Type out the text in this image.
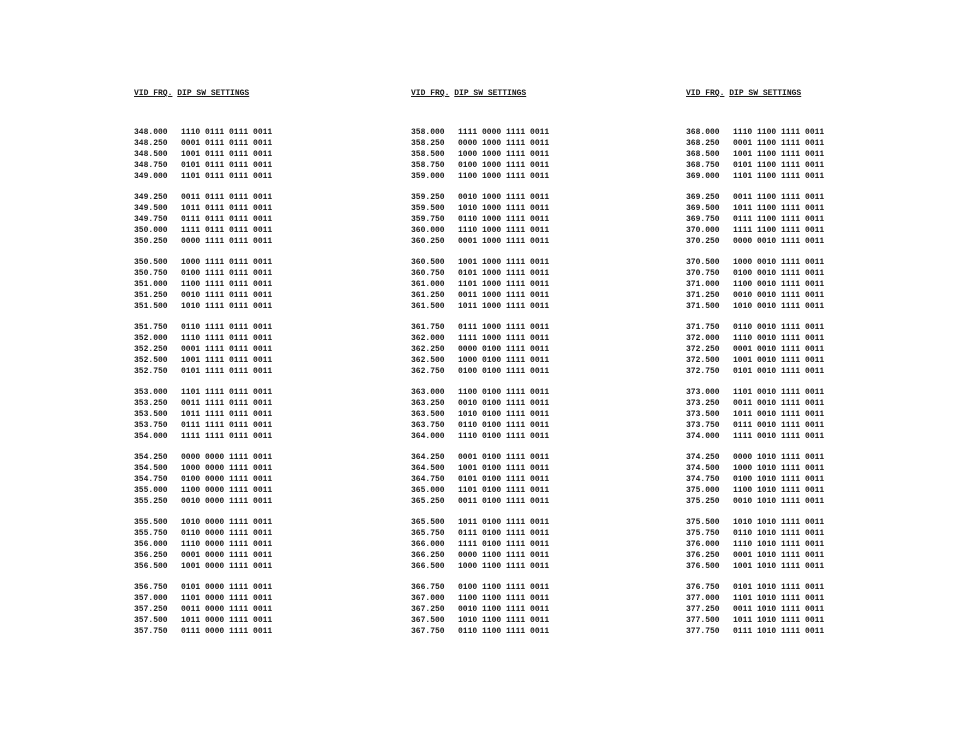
VID FRQ. DIP SW SETTINGS
348.000 1110 0111 0111 0011
348.250 0001 0111 0111 0011
348.500 1001 0111 0111 0011
348.750 0101 0111 0111 0011
349.000 1101 0111 0111 0011
349.250 0011 0111 0111 0011
349.500 1011 0111 0111 0011
349.750 0111 0111 0111 0011
350.000 1111 0111 0111 0011
350.250 0000 1111 0111 0011
350.500 1000 1111 0111 0011
350.750 0100 1111 0111 0011
351.000 1100 1111 0111 0011
351.250 0010 1111 0111 0011
351.500 1010 1111 0111 0011
351.750 0110 1111 0111 0011
352.000 1110 1111 0111 0011
352.250 0001 1111 0111 0011
352.500 1001 1111 0111 0011
352.750 0101 1111 0111 0011
353.000 1101 1111 0111 0011
353.250 0011 1111 0111 0011
353.500 1011 1111 0111 0011
353.750 0111 1111 0111 0011
354.000 1111 1111 0111 0011
354.250 0000 0000 1111 0011
354.500 1000 0000 1111 0011
354.750 0100 0000 1111 0011
355.000 1100 0000 1111 0011
355.250 0010 0000 1111 0011
355.500 1010 0000 1111 0011
355.750 0110 0000 1111 0011
356.000 1110 0000 1111 0011
356.250 0001 0000 1111 0011
356.500 1001 0000 1111 0011
356.750 0101 0000 1111 0011
357.000 1101 0000 1111 0011
357.250 0011 0000 1111 0011
357.500 1011 0000 1111 0011
357.750 0111 0000 1111 0011
VID FRQ. DIP SW SETTINGS
358.000 1111 0000 1111 0011
358.250 0000 1000 1111 0011
358.500 1000 1000 1111 0011
358.750 0100 1000 1111 0011
359.000 1100 1000 1111 0011
359.250 0010 1000 1111 0011
359.500 1010 1000 1111 0011
359.750 0110 1000 1111 0011
360.000 1110 1000 1111 0011
360.250 0001 1000 1111 0011
360.500 1001 1000 1111 0011
360.750 0101 1000 1111 0011
361.000 1101 1000 1111 0011
361.250 0011 1000 1111 0011
361.500 1011 1000 1111 0011
361.750 0111 1000 1111 0011
362.000 1111 1000 1111 0011
362.250 0000 0100 1111 0011
362.500 1000 0100 1111 0011
362.750 0100 0100 1111 0011
363.000 1100 0100 1111 0011
363.250 0010 0100 1111 0011
363.500 1010 0100 1111 0011
363.750 0110 0100 1111 0011
364.000 1110 0100 1111 0011
364.250 0001 0100 1111 0011
364.500 1001 0100 1111 0011
364.750 0101 0100 1111 0011
365.000 1101 0100 1111 0011
365.250 0011 0100 1111 0011
365.500 1011 0100 1111 0011
365.750 0111 0100 1111 0011
366.000 1111 0100 1111 0011
366.250 0000 1100 1111 0011
366.500 1000 1100 1111 0011
366.750 0100 1100 1111 0011
367.000 1100 1100 1111 0011
367.250 0010 1100 1111 0011
367.500 1010 1100 1111 0011
367.750 0110 1100 1111 0011
VID FRQ. DIP SW SETTINGS
368.000 1110 1100 1111 0011
368.250 0001 1100 1111 0011
368.500 1001 1100 1111 0011
368.750 0101 1100 1111 0011
369.000 1101 1100 1111 0011
369.250 0011 1100 1111 0011
369.500 1011 1100 1111 0011
369.750 0111 1100 1111 0011
370.000 1111 1100 1111 0011
370.250 0000 0010 1111 0011
370.500 1000 0010 1111 0011
370.750 0100 0010 1111 0011
371.000 1100 0010 1111 0011
371.250 0010 0010 1111 0011
371.500 1010 0010 1111 0011
371.750 0110 0010 1111 0011
372.000 1110 0010 1111 0011
372.250 0001 0010 1111 0011
372.500 1001 0010 1111 0011
372.750 0101 0010 1111 0011
373.000 1101 0010 1111 0011
373.250 0011 0010 1111 0011
373.500 1011 0010 1111 0011
373.750 0111 0010 1111 0011
374.000 1111 0010 1111 0011
374.250 0000 1010 1111 0011
374.500 1000 1010 1111 0011
374.750 0100 1010 1111 0011
375.000 1100 1010 1111 0011
375.250 0010 1010 1111 0011
375.500 1010 1010 1111 0011
375.750 0110 1010 1111 0011
376.000 1110 1010 1111 0011
376.250 0001 1010 1111 0011
376.500 1001 1010 1111 0011
376.750 0101 1010 1111 0011
377.000 1101 1010 1111 0011
377.250 0011 1010 1111 0011
377.500 1011 1010 1111 0011
377.750 0111 1010 1111 0011
